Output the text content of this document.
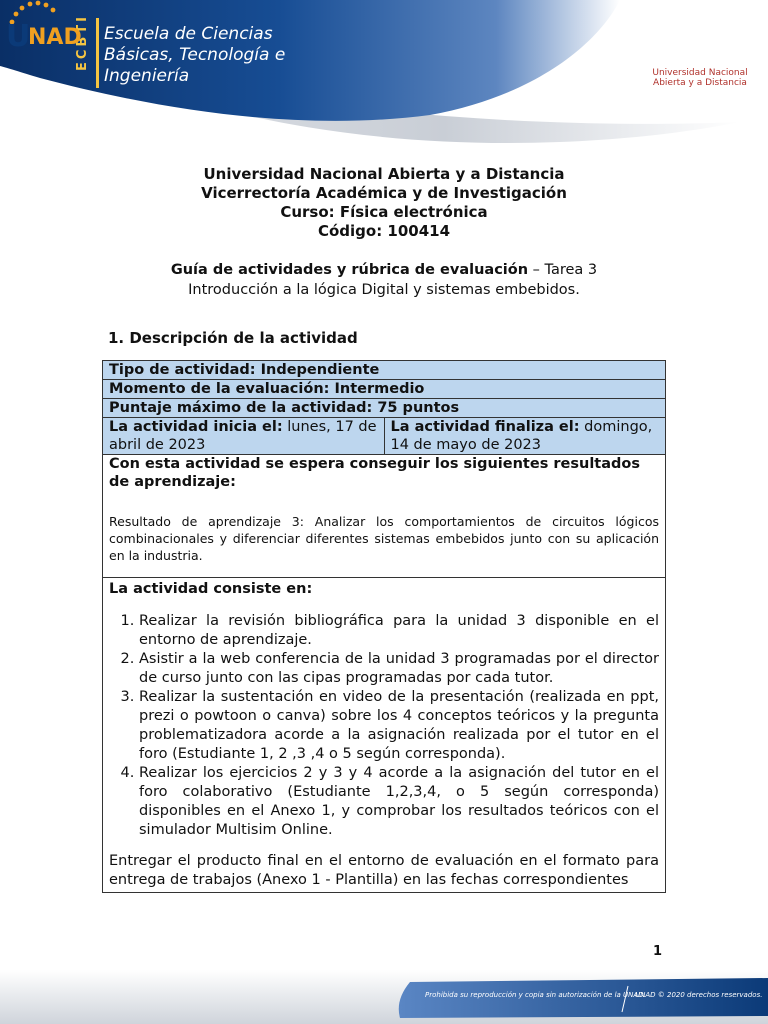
ECBTI Escuela de Ciencias
Básicas, Tecnología e
Ingeniería
U
NAD
Universidad Nacional
Abierta y a Distancia
Universidad Nacional Abierta y a Distancia
Vicerrectoría Académica y de Investigación
Curso: Física electrónica
Código: 100414
Guía de actividades y rúbrica de evaluación – Tarea 3
Introducción a la lógica Digital y sistemas embebidos.
1. Descripción de la actividad
Tipo de actividad: Independiente
Momento de la evaluación: Intermedio
Puntaje máximo de la actividad: 75 puntos
La actividad inicia el: lunes, 17 de abril de 2023	La actividad finaliza el: domingo, 14 de mayo de 2023

Con esta actividad se espera conseguir los siguientes resultados de aprendizaje:
Resultado de aprendizaje 3: Analizar los comportamientos de circuitos lógicos combinacionales y diferenciar diferentes sistemas embebidos junto con su aplicación en la industria.

La actividad consiste en:
1. Realizar la revisión bibliográfica para la unidad 3 disponible en el entorno de aprendizaje.
2. Asistir a la web conferencia de la unidad 3 programadas por el director de curso junto con las cipas programadas por cada tutor.
3. Realizar la sustentación en video de la presentación (realizada en ppt, prezi o powtoon o canva) sobre los 4 conceptos teóricos y la pregunta problematizadora acorde a la asignación realizada por el tutor en el foro (Estudiante 1, 2 ,3 ,4 o 5 según corresponda).
4. Realizar los ejercicios 2 y 3 y 4 acorde a la asignación del tutor en el foro colaborativo (Estudiante 1,2,3,4, o 5 según corresponda) disponibles en el Anexo 1, y comprobar los resultados teóricos con el simulador Multisim Online.
Entregar el producto final en el entorno de evaluación en el formato para entrega de trabajos (Anexo 1 - Plantilla) en las fechas correspondientes
1
Prohibida su reproducción y copia sin autorización de la UNAD.
UNAD © 2020 derechos reservados.
